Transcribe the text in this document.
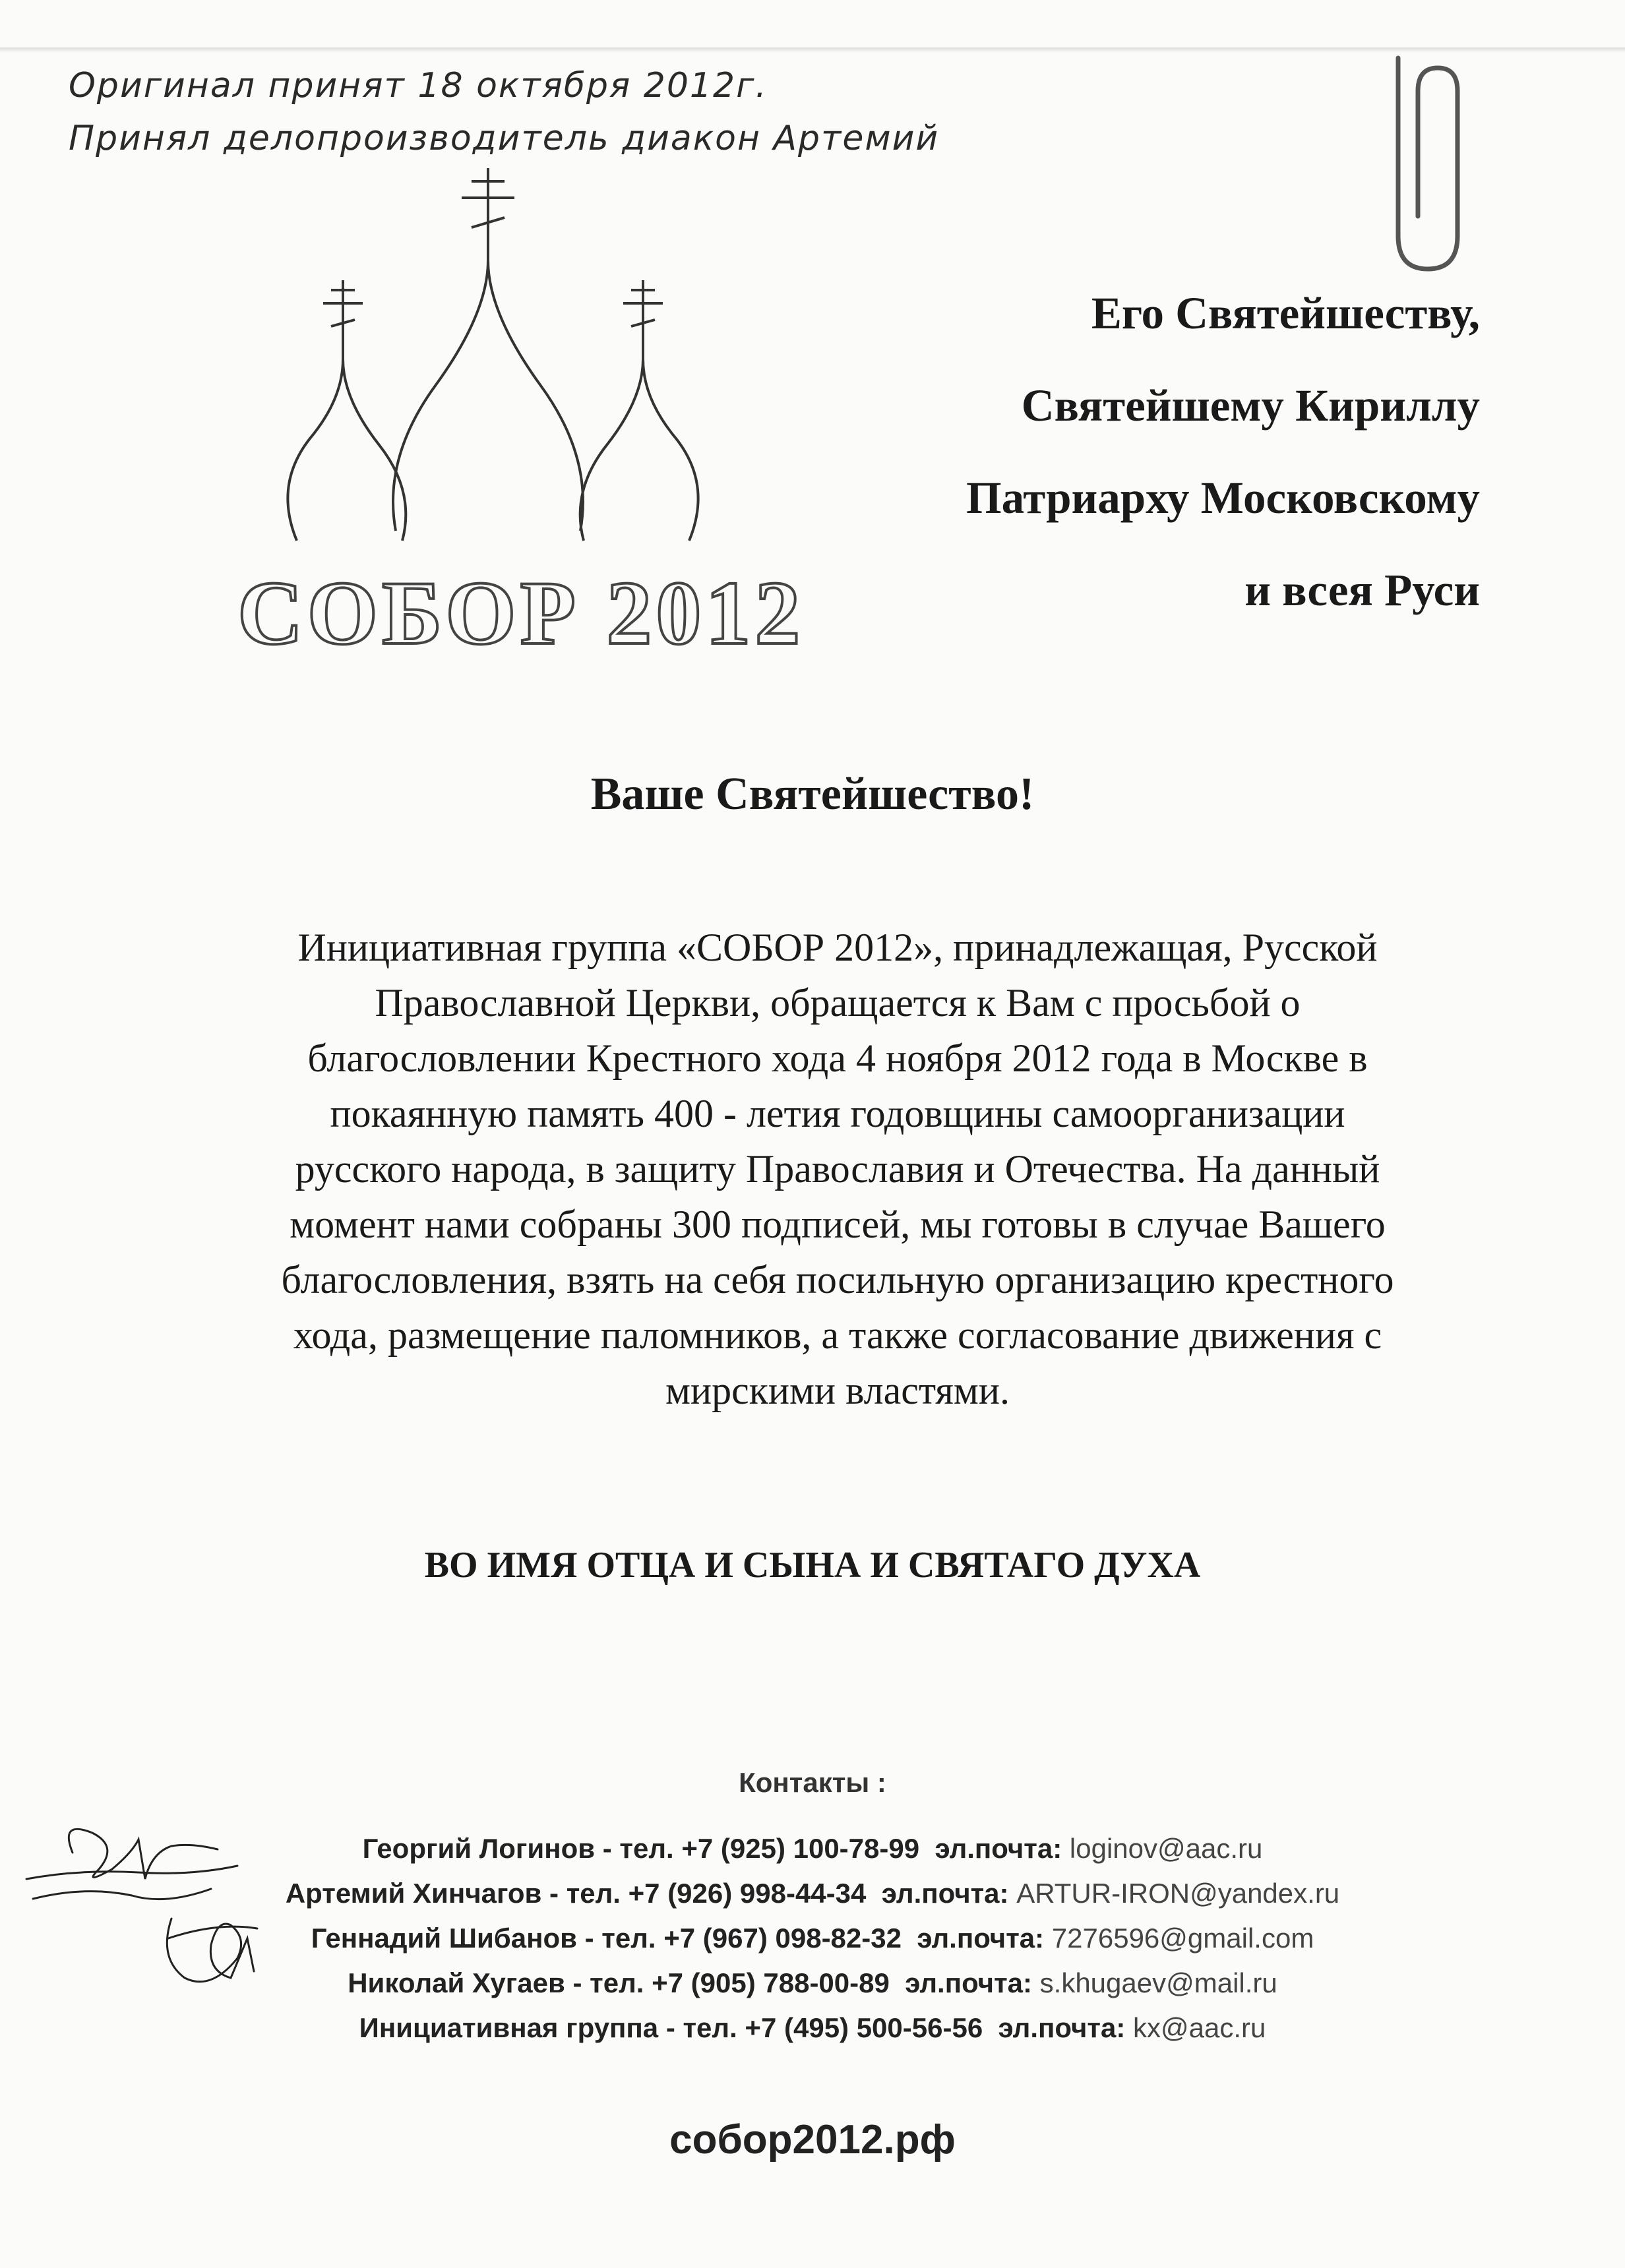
Оригинал принят 18 октября 2012г.
Принял делопроизводитель диакон Артемий
СОБОР 2012
Его Святейшеству,
Святейшему Кириллу
Патриарху Московскому
и всея Руси
Ваше Святейшество!
Инициативная группа «СОБОР 2012», принадлежащая, Русской
Православной Церкви, обращается к Вам с просьбой о
благословлении Крестного хода 4 ноября 2012 года в Москве в
покаянную память 400 - летия годовщины самоорганизации
русского народа, в защиту Православия и Отечества. На данный
момент нами собраны 300 подписей, мы готовы в случае Вашего
благословления, взять на себя посильную организацию крестного
хода, размещение паломников, а также согласование движения с
мирскими властями.
ВО ИМЯ ОТЦА И СЫНА И СВЯТАГО ДУХА
Контакты :
Георгий Логинов - тел. +7 (925) 100-78-99 эл.почта: loginov@aac.ru
Артемий Хинчагов - тел. +7 (926) 998-44-34 эл.почта: ARTUR-IRON@yandex.ru
Геннадий Шибанов - тел. +7 (967) 098-82-32 эл.почта: 7276596@gmail.com
Николай Хугаев - тел. +7 (905) 788-00-89 эл.почта: s.khugaev@mail.ru
Инициативная группа - тел. +7 (495) 500-56-56 эл.почта: kx@aac.ru
собор2012.рф
